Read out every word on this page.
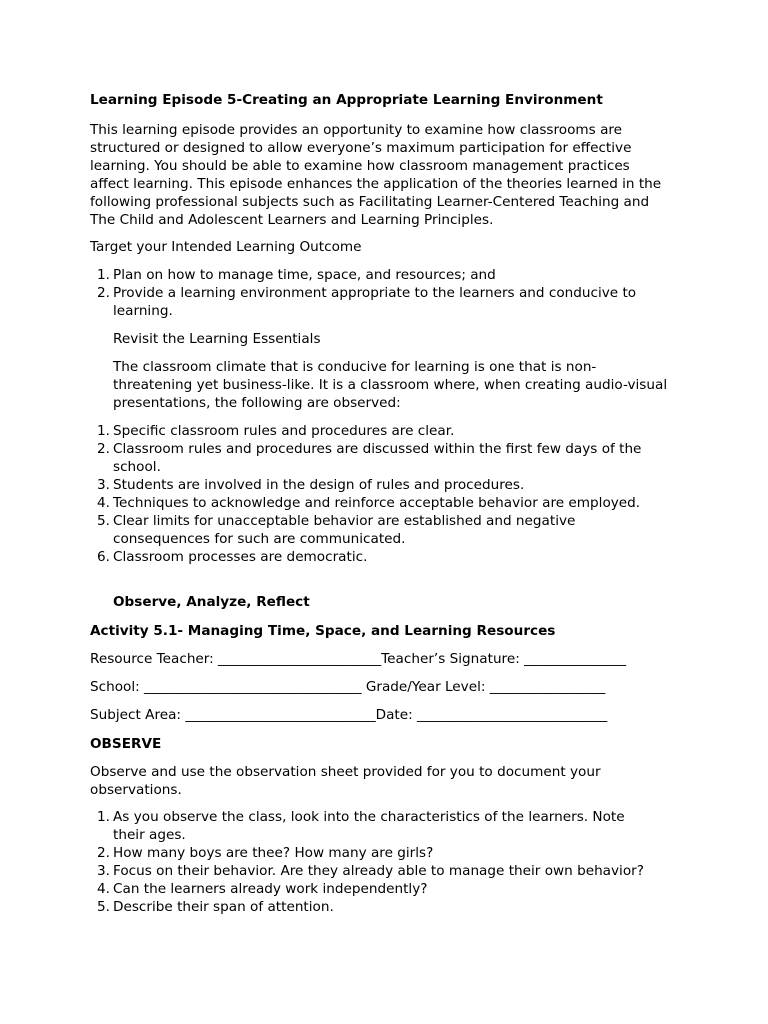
Learning Episode 5-Creating an Appropriate Learning Environment

This learning episode provides an opportunity to examine how classrooms are
structured or designed to allow everyone’s maximum participation for effective
learning. You should be able to examine how classroom management practices
affect learning. This episode enhances the application of the theories learned in the
following professional subjects such as Facilitating Learner-Centered Teaching and
The Child and Adolescent Learners and Learning Principles.

Target your Intended Learning Outcome

1 . Plan on how to manage time, space, and resources; and
2 . Provide a learning environment appropriate to the learners and conducive to
learning.

Revisit the Learning Essentials

The classroom climate that is conducive for learning is one that is non-
threatening yet business-like. It is a classroom where, when creating audio-visual
presentations, the following are observed:
1 . Specific classroom rules and procedures are clear.
2 . Classroom rules and procedures are discussed within the first few days of the
school.
3 . Students are involved in the design of rules and procedures.
4 . Techniques to acknowledge and reinforce acceptable behavior are employed.
5 . Clear limits for unacceptable behavior are established and negative
consequences for such are communicated.
6 . Classroom processes are democratic.

Observe, Analyze, Reflect

Activity 5.1- Managing Time, Space, and Learning Resources

Resource Teacher: ________________________Teacher’s Signature: _______________
School: ________________________________ Grade/Year Level: _________________
Subject Area: ____________________________Date: ____________________________

OBSERVE

Observe and use the observation sheet provided for you to document your
observations.
1 . As you observe the class, look into the characteristics of the learners. Note
their ages.
2 . How many boys are thee? How many are girls?
3 . Focus on their behavior. Are they already able to manage their own behavior?
4 . Can the learners already work independently?
5 . Describe their span of attention.
